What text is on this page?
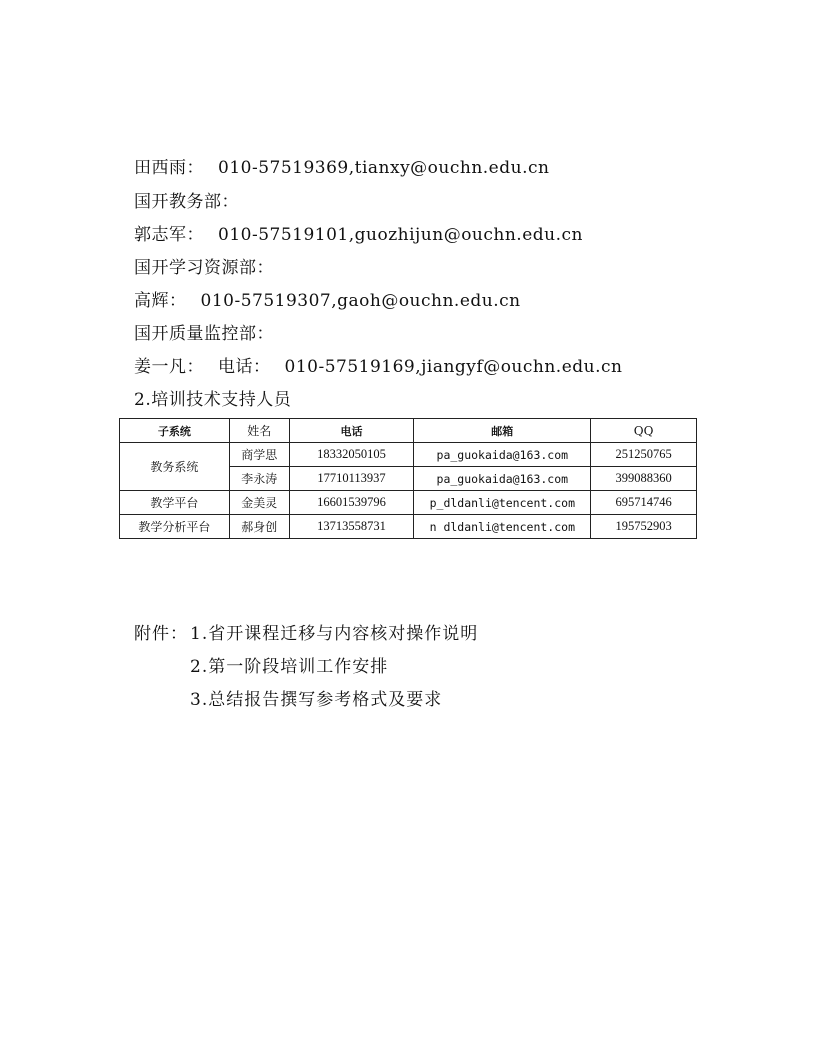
田西雨： 010-57519369,tianxy@ouchn.edu.cn
国开教务部：
郭志军： 010-57519101,guozhijun@ouchn.edu.cn
国开学习资源部：
高辉： 010-57519307,gaoh@ouchn.edu.cn
国开质量监控部：
姜一凡： 电话： 010-57519169,jiangyf@ouchn.edu.cn
2.培训技术支持人员
子系统	姓名	电话	邮箱	QQ
教务系统	商学思	18332050105	pa_guokaida@163.com	251250765
	李永涛	17710113937	pa_guokaida@163.com	399088360
教学平台	金美灵	16601539796	p_dldanli@tencent.com	695714746
教学分析平台	郝身创	13713558731	n dldanli@tencent.com	195752903
附件： 1.省开课程迁移与内容核对操作说明
2.第一阶段培训工作安排
3.总结报告撰写参考格式及要求
